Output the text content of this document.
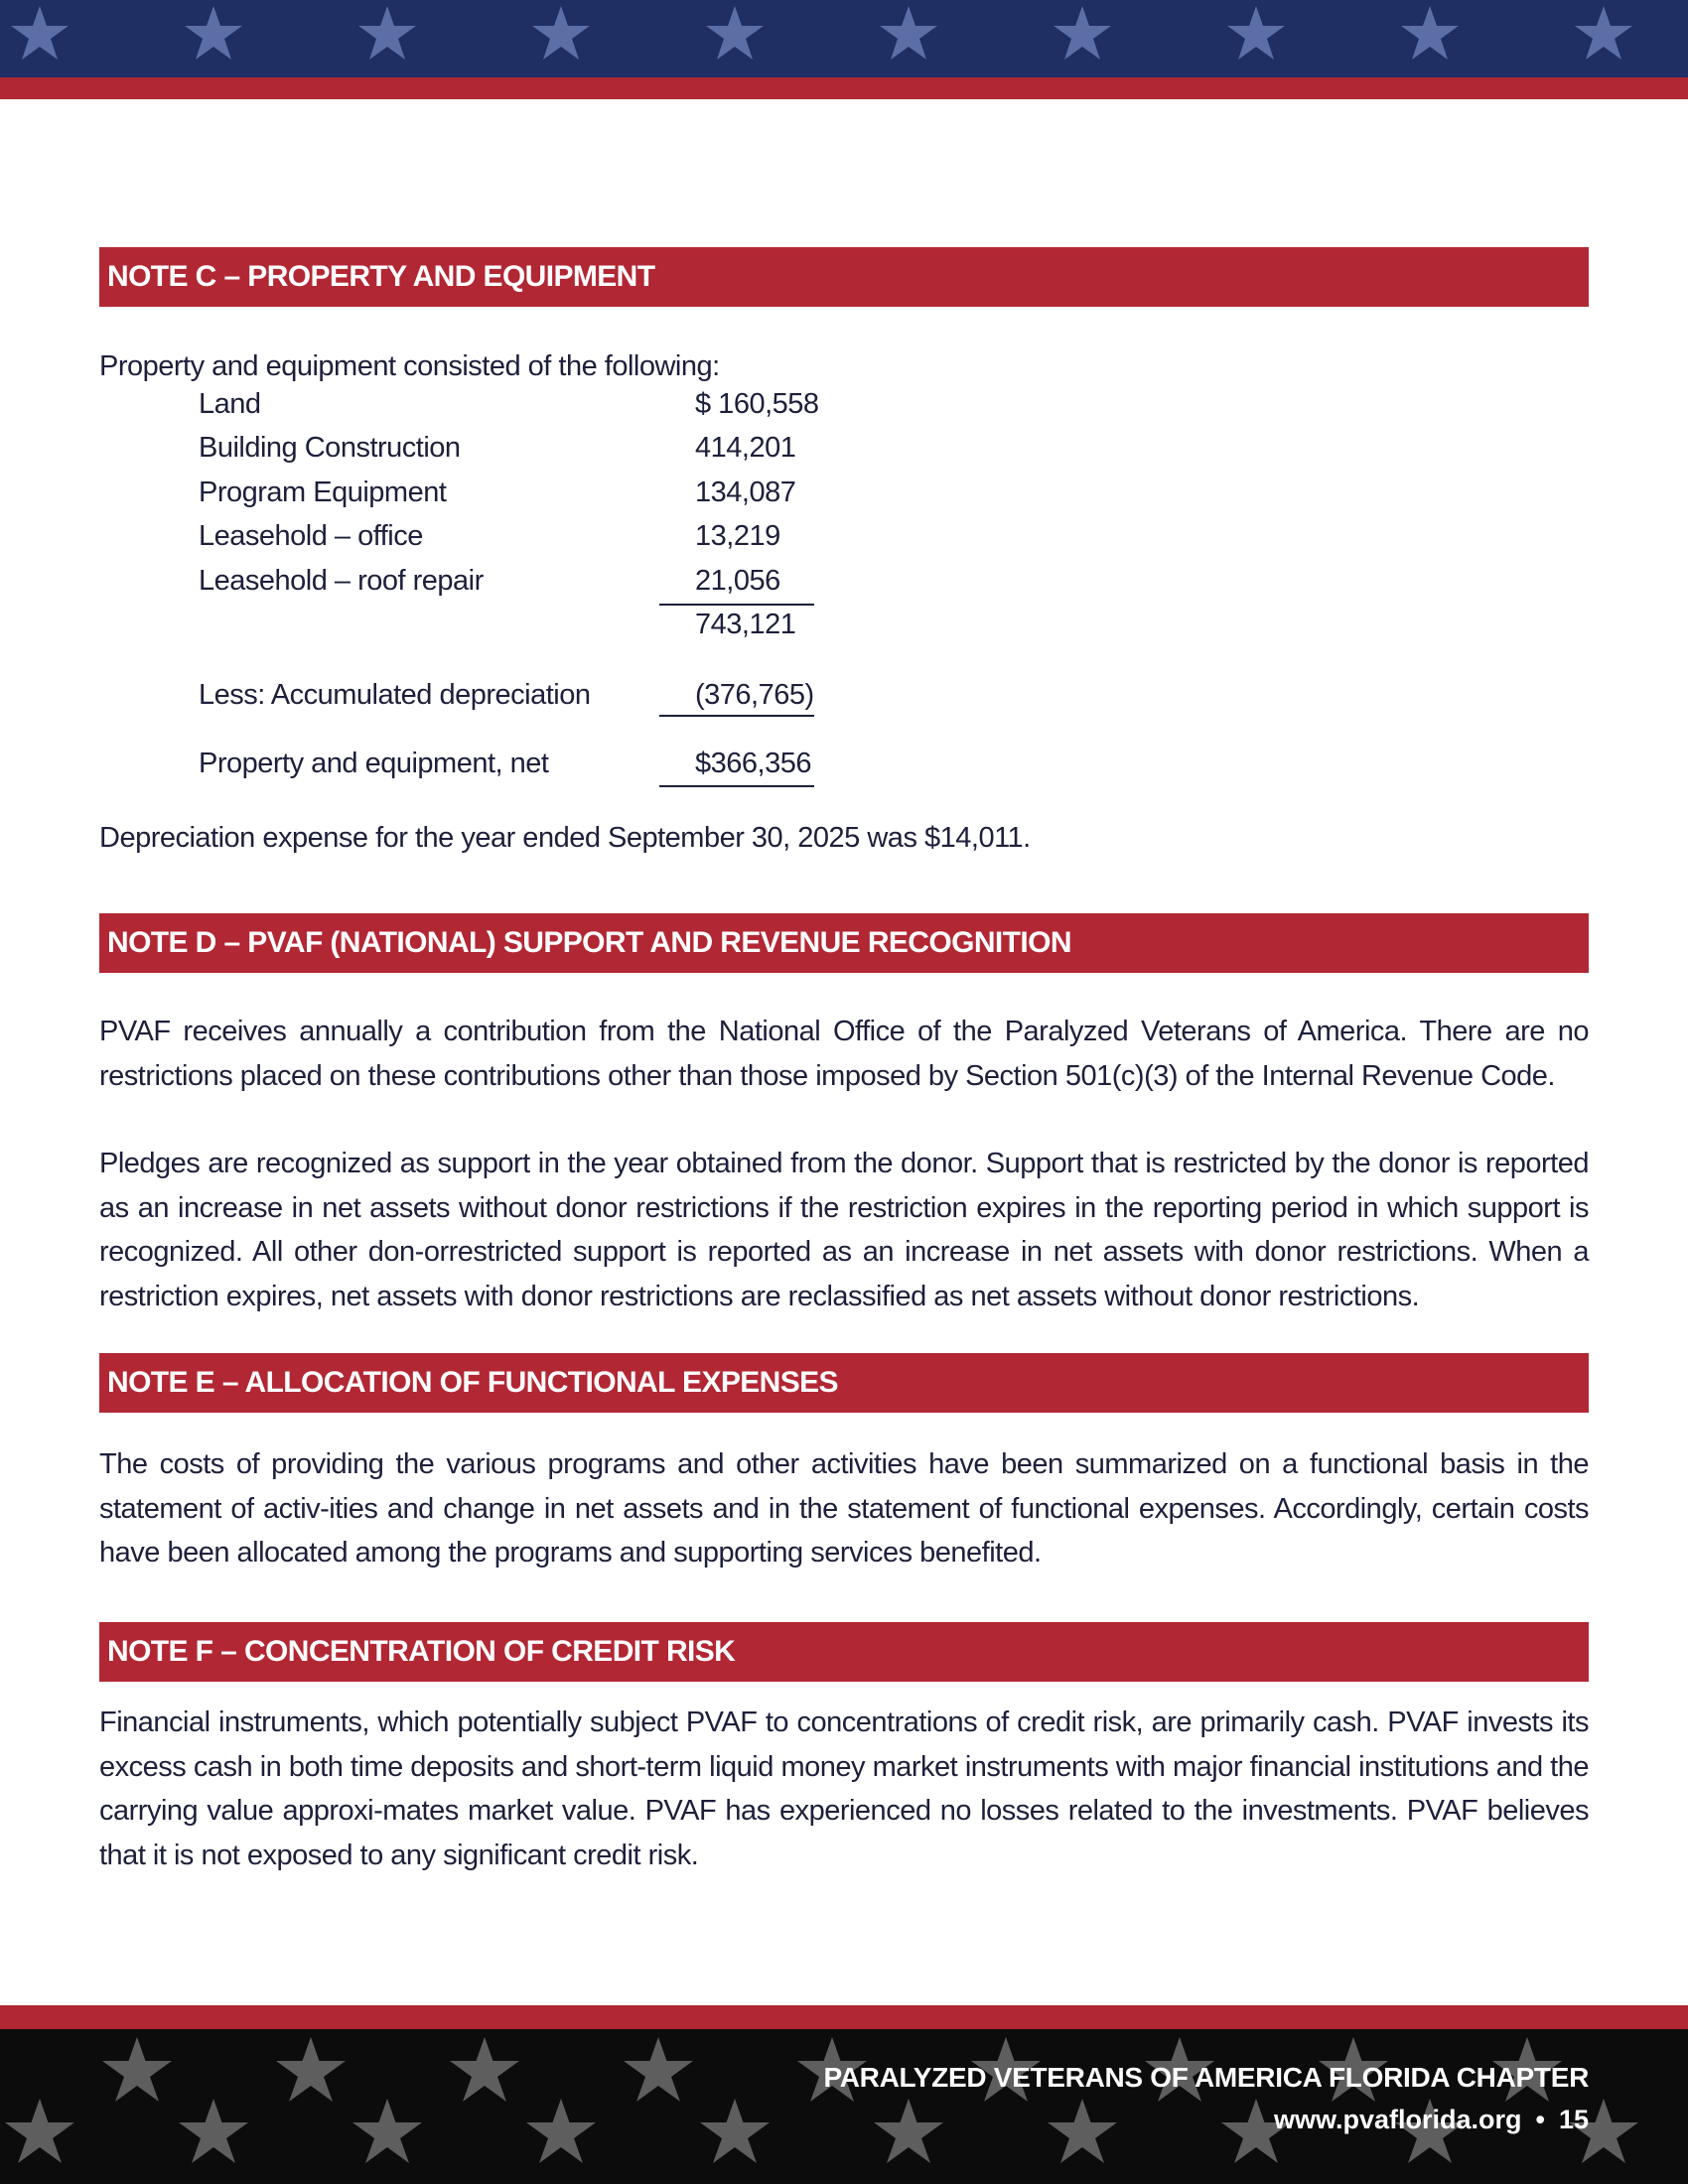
NOTE C – PROPERTY AND EQUIPMENT
Property and equipment consisted of the following:
Land	$ 160,558
Building Construction	414,201
Program Equipment	134,087
Leasehold – office	13,219
Leasehold – roof repair	21,056
743,121
Less: Accumulated depreciation	(376,765)
Property and equipment, net	$366,356
Depreciation expense for the year ended September 30, 2025 was $14,011.
NOTE D – PVAF (NATIONAL) SUPPORT AND REVENUE RECOGNITION
PVAF receives annually a contribution from the National Office of the Paralyzed Veterans of America. There are no restrictions placed on these contributions other than those imposed by Section 501(c)(3) of the Internal Revenue Code.
Pledges are recognized as support in the year obtained from the donor. Support that is restricted by the donor is reported as an increase in net assets without donor restrictions if the restriction expires in the reporting period in which support is recognized. All other don-orrestricted support is reported as an increase in net assets with donor restrictions. When a restriction expires, net assets with donor restrictions are reclassified as net assets without donor restrictions.
NOTE E – ALLOCATION OF FUNCTIONAL EXPENSES
The costs of providing the various programs and other activities have been summarized on a functional basis in the statement of activ-ities and change in net assets and in the statement of functional expenses. Accordingly, certain costs have been allocated among the programs and supporting services benefited.
NOTE F – CONCENTRATION OF CREDIT RISK
Financial instruments, which potentially subject PVAF to concentrations of credit risk, are primarily cash. PVAF invests its excess cash in both time deposits and short-term liquid money market instruments with major financial institutions and the carrying value approxi-mates market value. PVAF has experienced no losses related to the investments. PVAF believes that it is not exposed to any significant credit risk.
PARALYZED VETERANS OF AMERICA FLORIDA CHAPTER
www.pvaflorida.org • 15
